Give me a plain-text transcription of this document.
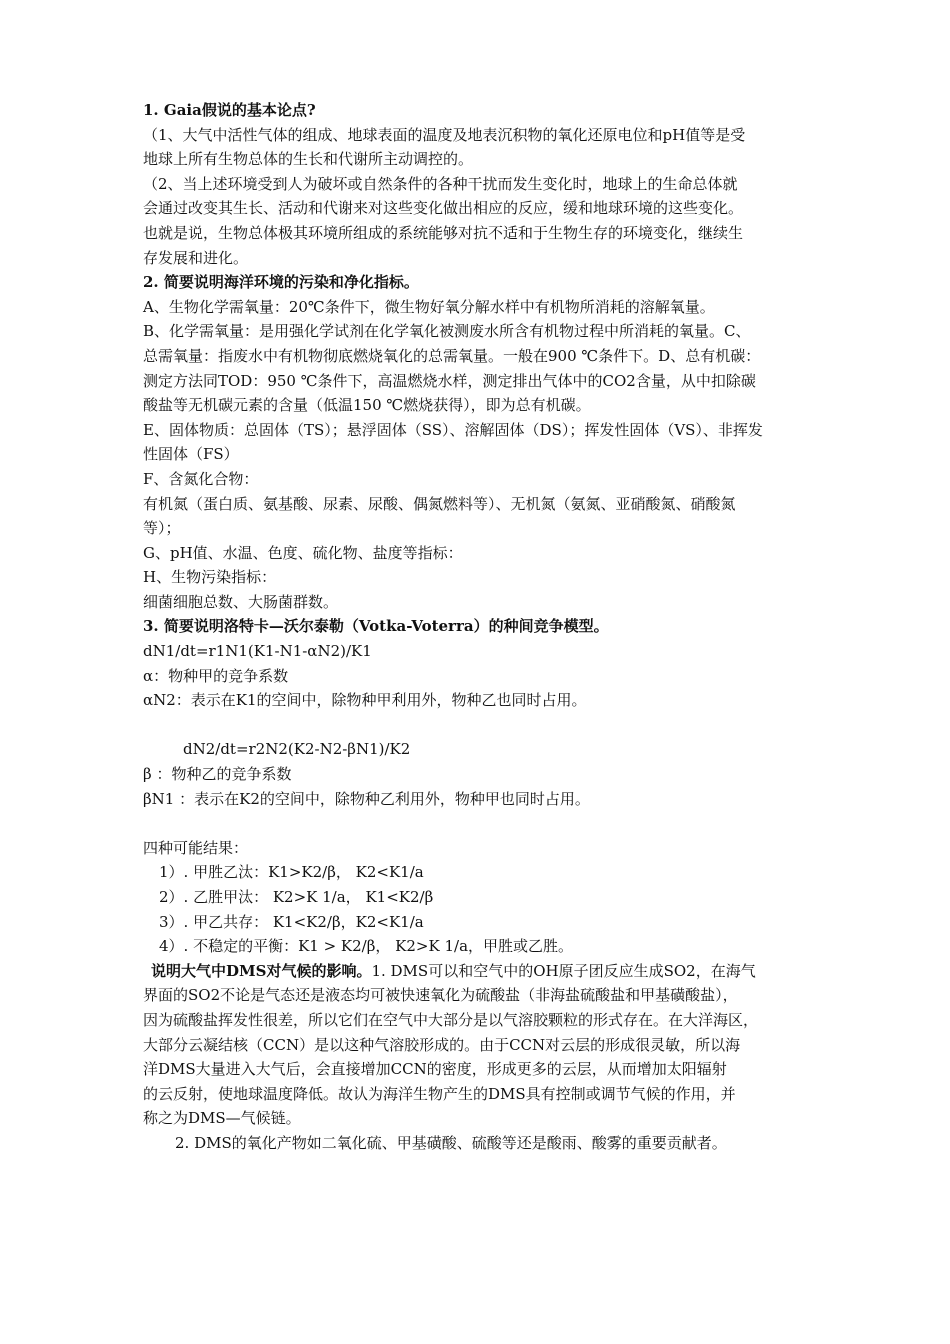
1. Gaia假说的基本论点?

（1、大气中活性气体的组成、地球表面的温度及地表沉积物的氧化还原电位和pH值等是受

地球上所有生物总体的生长和代谢所主动调控的。

（2、当上述环境受到人为破坏或自然条件的各种干扰而发生变化时，地球上的生命总体就

会通过改变其生长、活动和代谢来对这些变化做出相应的反应，缓和地球环境的这些变化。

也就是说，生物总体极其环境所组成的系统能够对抗不适和于生物生存的环境变化，继续生

存发展和进化。

2. 简要说明海洋环境的污染和净化指标。

A、生物化学需氧量：20℃条件下，微生物好氧分解水样中有机物所消耗的溶解氧量。

B、化学需氧量：是用强化学试剂在化学氧化被测废水所含有机物过程中所消耗的氧量。C、

总需氧量：指废水中有机物彻底燃烧氧化的总需氧量。一般在900 ℃条件下。D、总有机碳：

测定方法同TOD：950 ℃条件下，高温燃烧水样，测定排出气体中的CO2含量，从中扣除碳

酸盐等无机碳元素的含量（低温150 ℃燃烧获得），即为总有机碳。

E、固体物质：总固体（TS）；悬浮固体（SS）、溶解固体（DS）；挥发性固体（VS）、非挥发

性固体（FS）

F、含氮化合物：

有机氮（蛋白质、氨基酸、尿素、尿酸、偶氮燃料等）、无机氮（氨氮、亚硝酸氮、硝酸氮

等）；

G、pH值、水温、色度、硫化物、盐度等指标：

H、生物污染指标：

细菌细胞总数、大肠菌群数。

3. 简要说明洛特卡—沃尔泰勒（Votka-Voterra）的种间竞争模型。

dN1/dt=r1N1(K1-N1-αN2)/K1

α：物种甲的竞争系数

αN2：表示在K1的空间中，除物种甲利用外，物种乙也同时占用。

dN2/dt=r2N2(K2-N2-βN1)/K2

β ：物种乙的竞争系数

βN1 ：表示在K2的空间中，除物种乙利用外，物种甲也同时占用。

四种可能结果：

1）. 甲胜乙汰：K1>K2/β， K2<K1/a

2）. 乙胜甲汰： K2>K 1/a， K1<K2/β

3）. 甲乙共存： K1<K2/β，K2<K1/a

4）. 不稳定的平衡：K1 > K2/β， K2>K 1/a，甲胜或乙胜。

说明大气中DMS对气候的影响。1. DMS可以和空气中的OH原子团反应生成SO2，在海气

界面的SO2不论是气态还是液态均可被快速氧化为硫酸盐（非海盐硫酸盐和甲基磺酸盐），

因为硫酸盐挥发性很差，所以它们在空气中大部分是以气溶胶颗粒的形式存在。在大洋海区，

大部分云凝结核（CCN）是以这种气溶胶形成的。由于CCN对云层的形成很灵敏，所以海

洋DMS大量进入大气后，会直接增加CCN的密度，形成更多的云层，从而增加太阳辐射

的云反射，使地球温度降低。故认为海洋生物产生的DMS具有控制或调节气候的作用，并

称之为DMS—气候链。

2. DMS的氧化产物如二氧化硫、甲基磺酸、硫酸等还是酸雨、酸雾的重要贡献者。
